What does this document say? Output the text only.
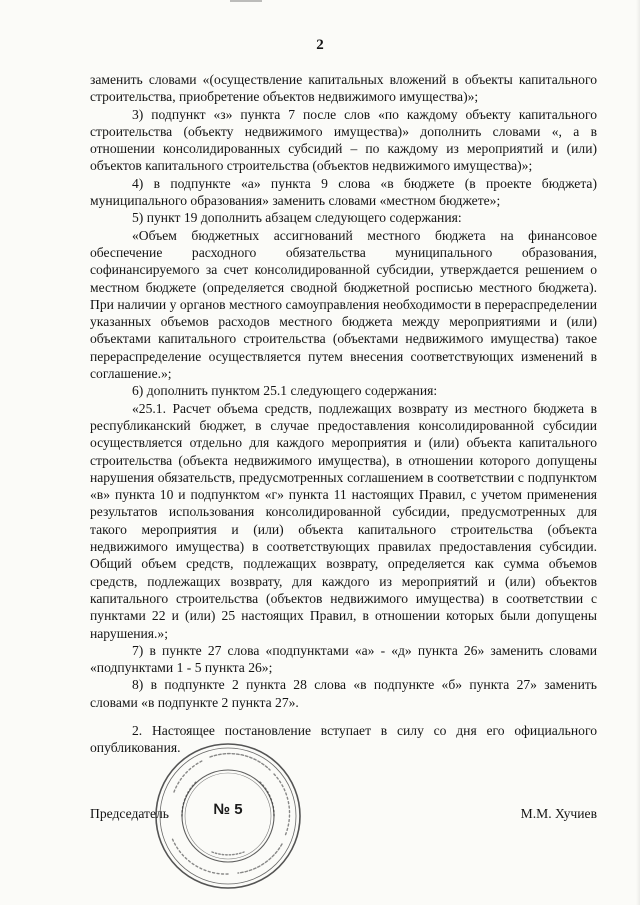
2

заменить словами «(осуществление капитальных вложений в объекты капитального строительства, приобретение объектов недвижимого имущества)»;

3) подпункт «з» пункта 7 после слов «по каждому объекту капитального строительства (объекту недвижимого имущества)» дополнить словами «, а в отношении консолидированных субсидий – по каждому из мероприятий и (или) объектов капитального строительства (объектов недвижимого имущества)»;

4) в подпункте «а» пункта 9 слова «в бюджете (в проекте бюджета) муниципального образования» заменить словами «местном бюджете»;

5) пункт 19 дополнить абзацем следующего содержания:

«Объем бюджетных ассигнований местного бюджета на финансовое обеспечение расходного обязательства муниципального образования, софинансируемого за счет консолидированной субсидии, утверждается решением о местном бюджете (определяется сводной бюджетной росписью местного бюджета). При наличии у органов местного самоуправления необходимости в перераспределении указанных объемов расходов местного бюджета между мероприятиями и (или) объектами капитального строительства (объектами недвижимого имущества) такое перераспределение осуществляется путем внесения соответствующих изменений в соглашение.»;

6) дополнить пунктом 25.1 следующего содержания:

«25.1. Расчет объема средств, подлежащих возврату из местного бюджета в республиканский бюджет, в случае предоставления консолидированной субсидии осуществляется отдельно для каждого мероприятия и (или) объекта капитального строительства (объекта недвижимого имущества), в отношении которого допущены нарушения обязательств, предусмотренных соглашением в соответствии с подпунктом «в» пункта 10 и подпунктом «г» пункта 11 настоящих Правил, с учетом применения результатов использования консолидированной субсидии, предусмотренных для такого мероприятия и (или) объекта капитального строительства (объекта недвижимого имущества) в соответствующих правилах предоставления субсидии. Общий объем средств, подлежащих возврату, определяется как сумма объемов средств, подлежащих возврату, для каждого из мероприятий и (или) объектов капитального строительства (объектов недвижимого имущества) в соответствии с пунктами 22 и (или) 25 настоящих Правил, в отношении которых были допущены нарушения.»;

7) в пункте 27 слова «подпунктами «а» - «д» пункта 26» заменить словами «подпунктами 1 - 5 пункта 26»;

8) в подпункте 2 пункта 28 слова «в подпункте «б» пункта 27» заменить словами «в подпункте 2 пункта 27».

2. Настоящее постановление вступает в силу со дня его официального опубликования.

Председатель	М.М. Хучиев
№ 5
